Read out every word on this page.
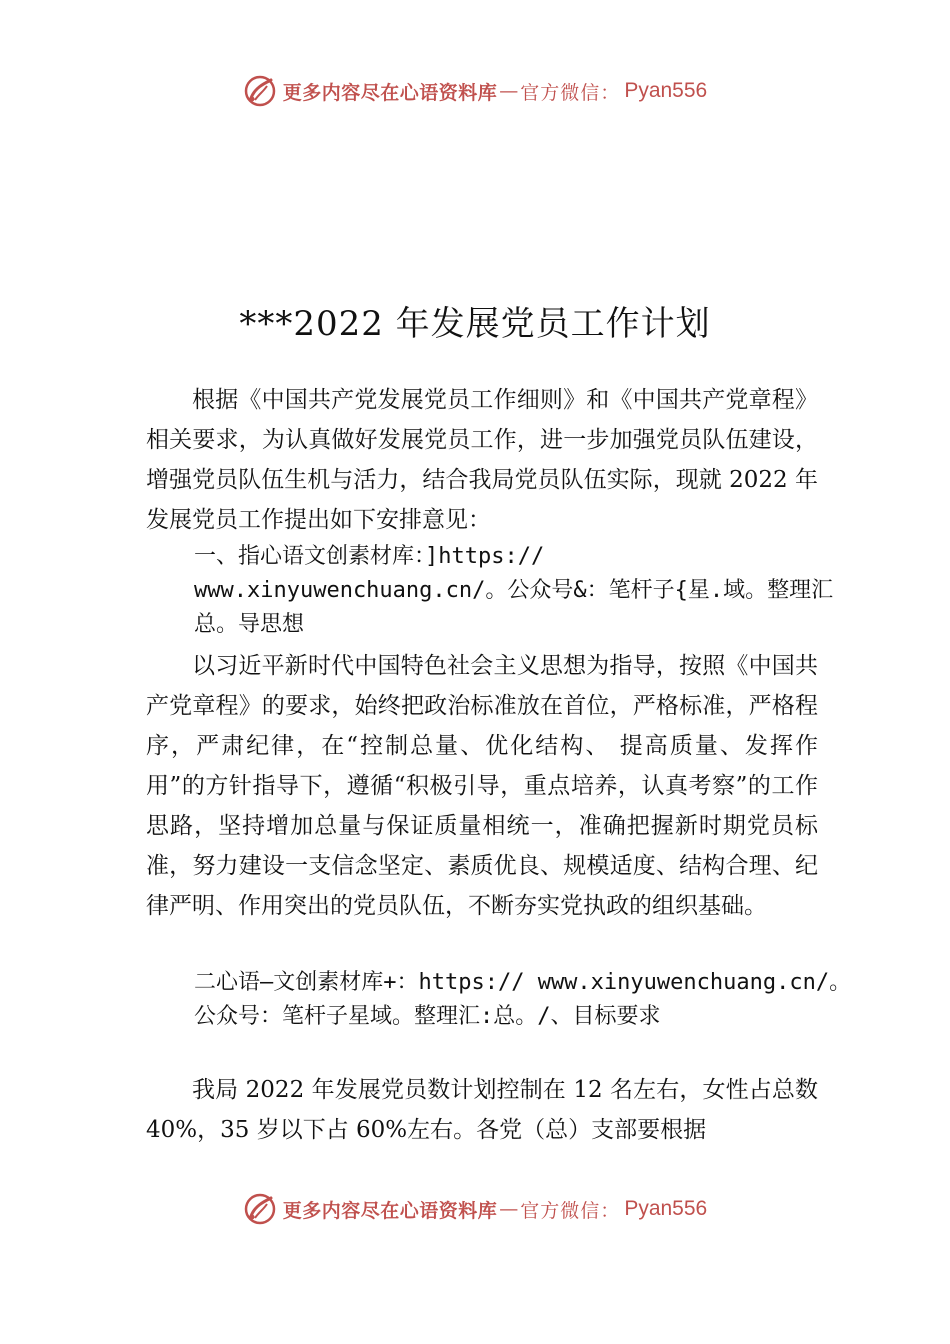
更多内容尽在心语资料库 — 官方微信： Pyan556
***2022 年发展党员工作计划

根据《中国共产党发展党员工作细则》和《中国共产党章程》相关要求，为认真做好发展党员工作，进一步加强党员队伍建设，增强党员队伍生机与活力，结合我局党员队伍实际，现就 2022 年发展党员工作提出如下安排意见：

一、指心语文创素材库：]https:// www.xinyuwenchuang.cn/。公众号&：笔杆子{星.域。整理汇总。导思想

以习近平新时代中国特色社会主义思想为指导，按照《中国共产党章程》的要求，始终把政治标准放在首位，严格标准，严格程序，严肃纪律，在“控制总量、优化结构、 提高质量、发挥作用”的方针指导下，遵循“积极引导，重点培养，认真考察”的工作思路，坚持增加总量与保证质量相统一，准确把握新时期党员标准，努力建设一支信念坚定、素质优良、规模适度、结构合理、纪律严明、作用突出的党员队伍，不断夯实党执政的组织基础。

二心语—文创素材库+：https:// www.xinyuwenchuang.cn/。公众号：笔杆子星域。整理汇:总。/、目标要求

我局 2022 年发展党员数计划控制在 12 名左右，女性占总数 40%，35 岁以下占 60%左右。各党（总）支部要根据

更多内容尽在心语资料库 — 官方微信： Pyan556
